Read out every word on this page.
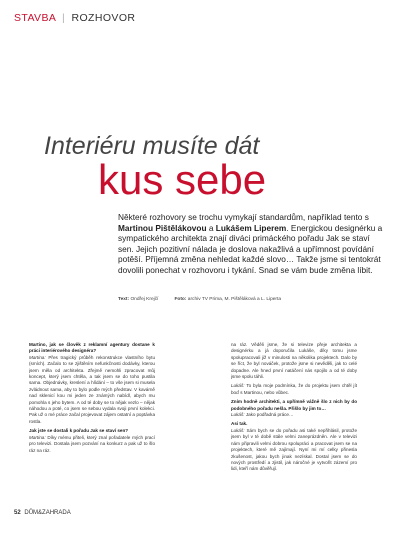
STAVBA | ROZHOVOR
Interiéru musíte dát
kus sebe
Některé rozhovory se trochu vymykají standardům, například tento s Martinou Pištělákovou a Lukášem Liperem. Energickou designérku a sympatického architekta znají diváci primáckého pořadu Jak se staví sen. Jejich pozitivní nálada je doslova nakažlivá a upřímnost povídání potěší. Příjemná změna nehledat každé slovo… Takže jsme si tentokrát dovolili ponechat v rozhovoru i tykání. Snad se vám bude změna líbit.
Text: Ondřej Krejčí	Foto: archiv TV Prima, M. Pištěláková a L. Liperta

Martino, jak se člověk z reklamní agentury dostane k práci interiérového designéra?

Martina: Přes tragický průběh rekonstrukce vlastního bytu (smích). Začalo to se zjištěním nefunkčnosti dodávky, kterou jsem měla od architekta. Zřejmě nemohli zpracovat můj koncept, který jsem chtěla, a tak jsem se do toho pustila sama. Objednávky, kreslení a hlídání – to vše jsem si musela zvládnout sama, aby to bylo podle mých představ. V kavárně nad sklenicí kou mi jeden ze známých nabídl, abych mu pomohla s jeho bytem. A od té doby se to nějak vezlo – nějak náhodou a poté, co jsem se sebou vydala svoji první kolekci. Pak už o mé práce začal projevovat zájem ostatní a poptávka rostla.

Jak jste se dostali k pořadu Jak se staví sen?

Martina: Díky mému přiteli, který znal pořadatele mých prací pro televizi. Dostala jsem pozvání na konkurz a pak už to šlo ráz na ráz.

na ráz. Věděli jsme, že si televize přeje architekta a designérku a já doporučila Lukáše, díky tomu jsme spolupracovali již v minulosti na několika projektech. Dalo by se říct, že byl nováček, protože jsme si nevěděli, jak to celé dopadne. Ale hned první natáčení nás spojilo a od té doby jsme spolu táhli.

Lukáš: To byla moje podmínka, že do projektu jsem chtěl jít boď s Martinou, nebo vůbec.

Zním hodně architekti, a upřímně vážně šlo z nich by do podobného pořadu nešla. Přišlo by jim to…

Lukáš: Jako podřadná práce…

Asi tak.

Lukáš: Sám bych se do pořadu asi také nepřihlásil, protože jsem byl v té době stále velmi zaneprázdněn. Ale v televizi nám připravili velmi dobrou spolupráci a pracovat jsem se na projektech, které mě zajímají. Nyní mi mí celky přinesla zkušenost, jakou bych jinak nezískal. Dostal jsem se do nových prostředí a zjistil, jak náročné je vytvořit zázemí pro lidi, kteří nám důvěřují.

52 DŮM&ZAHRADA
